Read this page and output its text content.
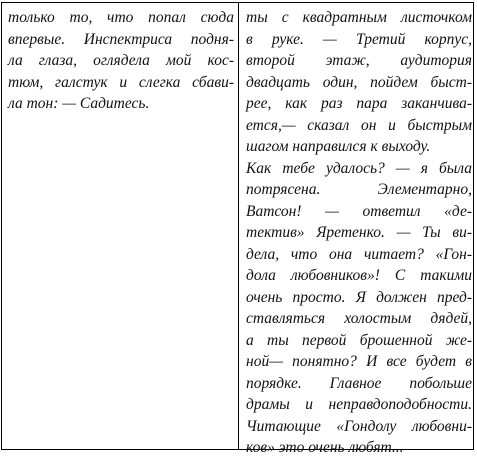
только то, что попал сюда
впервые. Инспектриса подня-
ла глаза, оглядела мой кос-
тюм, галстук и слегка сбави-
ла тон: — Садитесь.
ты с квадратным листочком
в руке. — Третий корпус,
второй этаж, аудитория
двадцать один, пойдем быст-
рее, как раз пара заканчива-
ется,— сказал он и быстрым
шагом направился к выходу.
Как тебе удалось? — я была
потрясена. Элементарно,
Ватсон! — ответил «де-
тектив» Яретенко. — Ты ви-
дела, что она читает? «Гон-
дола любовников»! С такими
очень просто. Я должен пред-
ставляться холостым дядей,
а ты первой брошенной же-
ной— понятно? И все будет в
порядке. Главное побольше
драмы и неправдоподобности.
Читающие «Гондолу любовни-
ков» это очень любят...
